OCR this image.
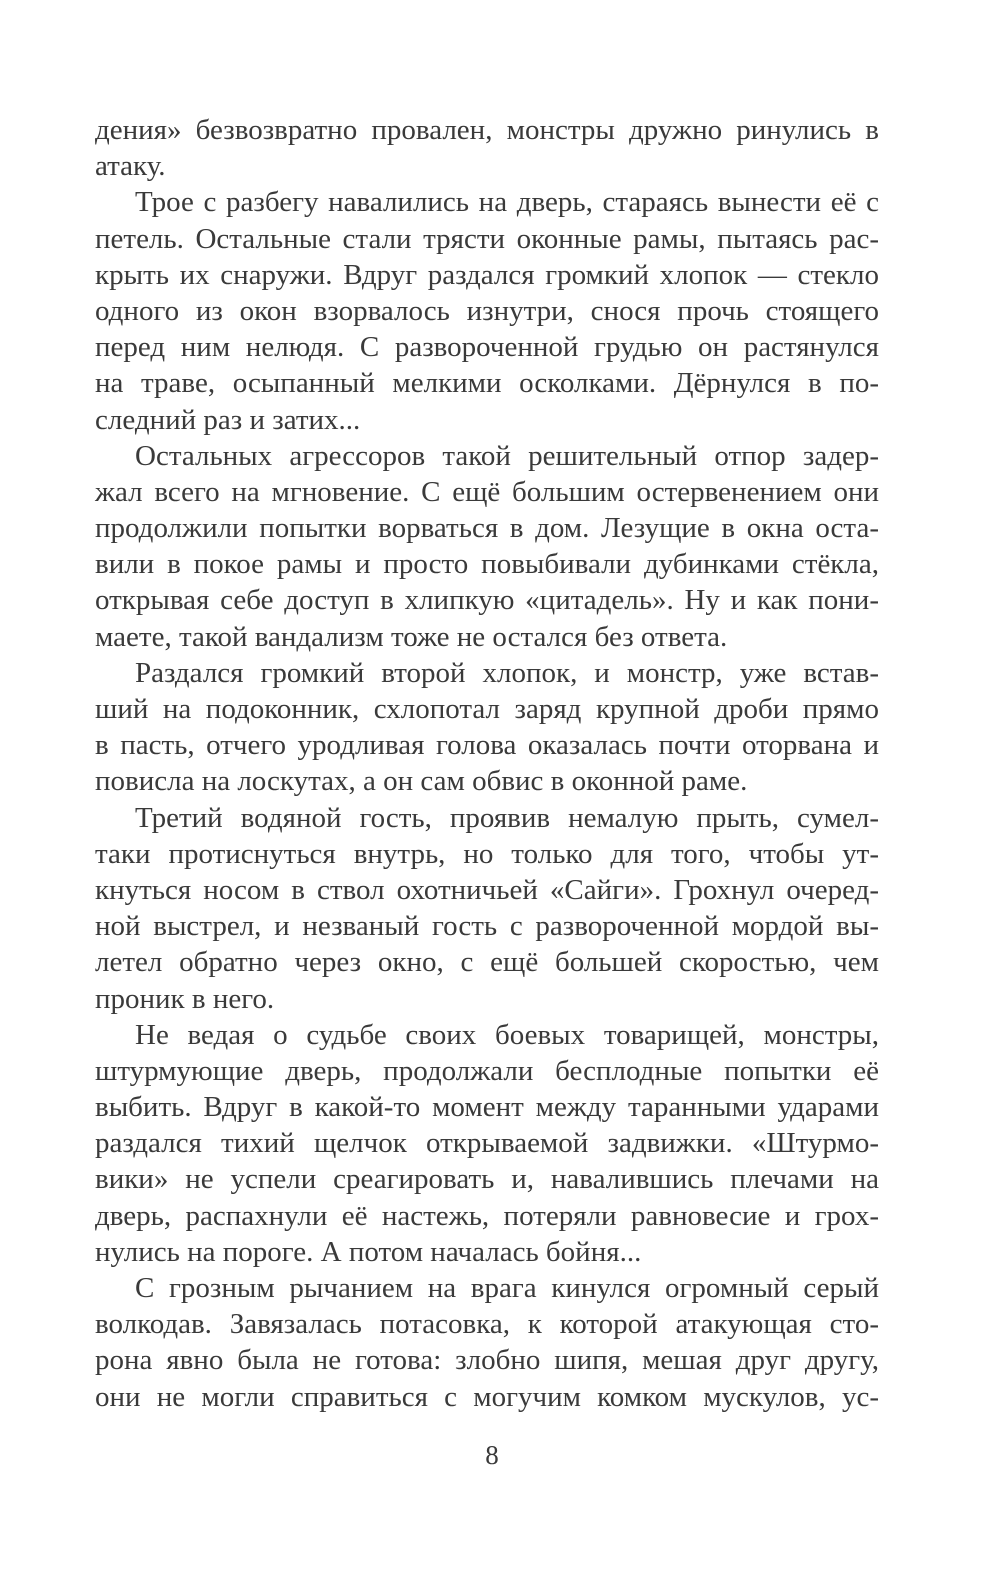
дения» безвозвратно провален, монстры дружно ринулись в
атаку.
Трое с разбегу навалились на дверь, стараясь вынести её с
петель. Остальные стали трясти оконные рамы, пытаясь рас-
крыть их снаружи. Вдруг раздался громкий хлопок — стекло
одного из окон взорвалось изнутри, снося прочь стоящего
перед ним нелюдя. С развороченной грудью он растянулся
на траве, осыпанный мелкими осколками. Дёрнулся в по-
следний раз и затих...
Остальных агрессоров такой решительный отпор задер-
жал всего на мгновение. С ещё большим остервенением они
продолжили попытки ворваться в дом. Лезущие в окна оста-
вили в покое рамы и просто повыбивали дубинками стёкла,
открывая себе доступ в хлипкую «цитадель». Ну и как пони-
маете, такой вандализм тоже не остался без ответа.
Раздался громкий второй хлопок, и монстр, уже встав-
ший на подоконник, схлопотал заряд крупной дроби прямо
в пасть, отчего уродливая голова оказалась почти оторвана и
повисла на лоскутах, а он сам обвис в оконной раме.
Третий водяной гость, проявив немалую прыть, сумел-
таки протиснуться внутрь, но только для того, чтобы ут-
кнуться носом в ствол охотничьей «Сайги». Грохнул очеред-
ной выстрел, и незваный гость с развороченной мордой вы-
летел обратно через окно, с ещё большей скоростью, чем
проник в него.
Не ведая о судьбе своих боевых товарищей, монстры,
штурмующие дверь, продолжали бесплодные попытки её
выбить. Вдруг в какой-то момент между таранными ударами
раздался тихий щелчок открываемой задвижки. «Штурмо-
вики» не успели среагировать и, навалившись плечами на
дверь, распахнули её настежь, потеряли равновесие и грох-
нулись на пороге. А потом началась бойня...
С грозным рычанием на врага кинулся огромный серый
волкодав. Завязалась потасовка, к которой атакующая сто-
рона явно была не готова: злобно шипя, мешая друг другу,
они не могли справиться с могучим комком мускулов, ус-
8
